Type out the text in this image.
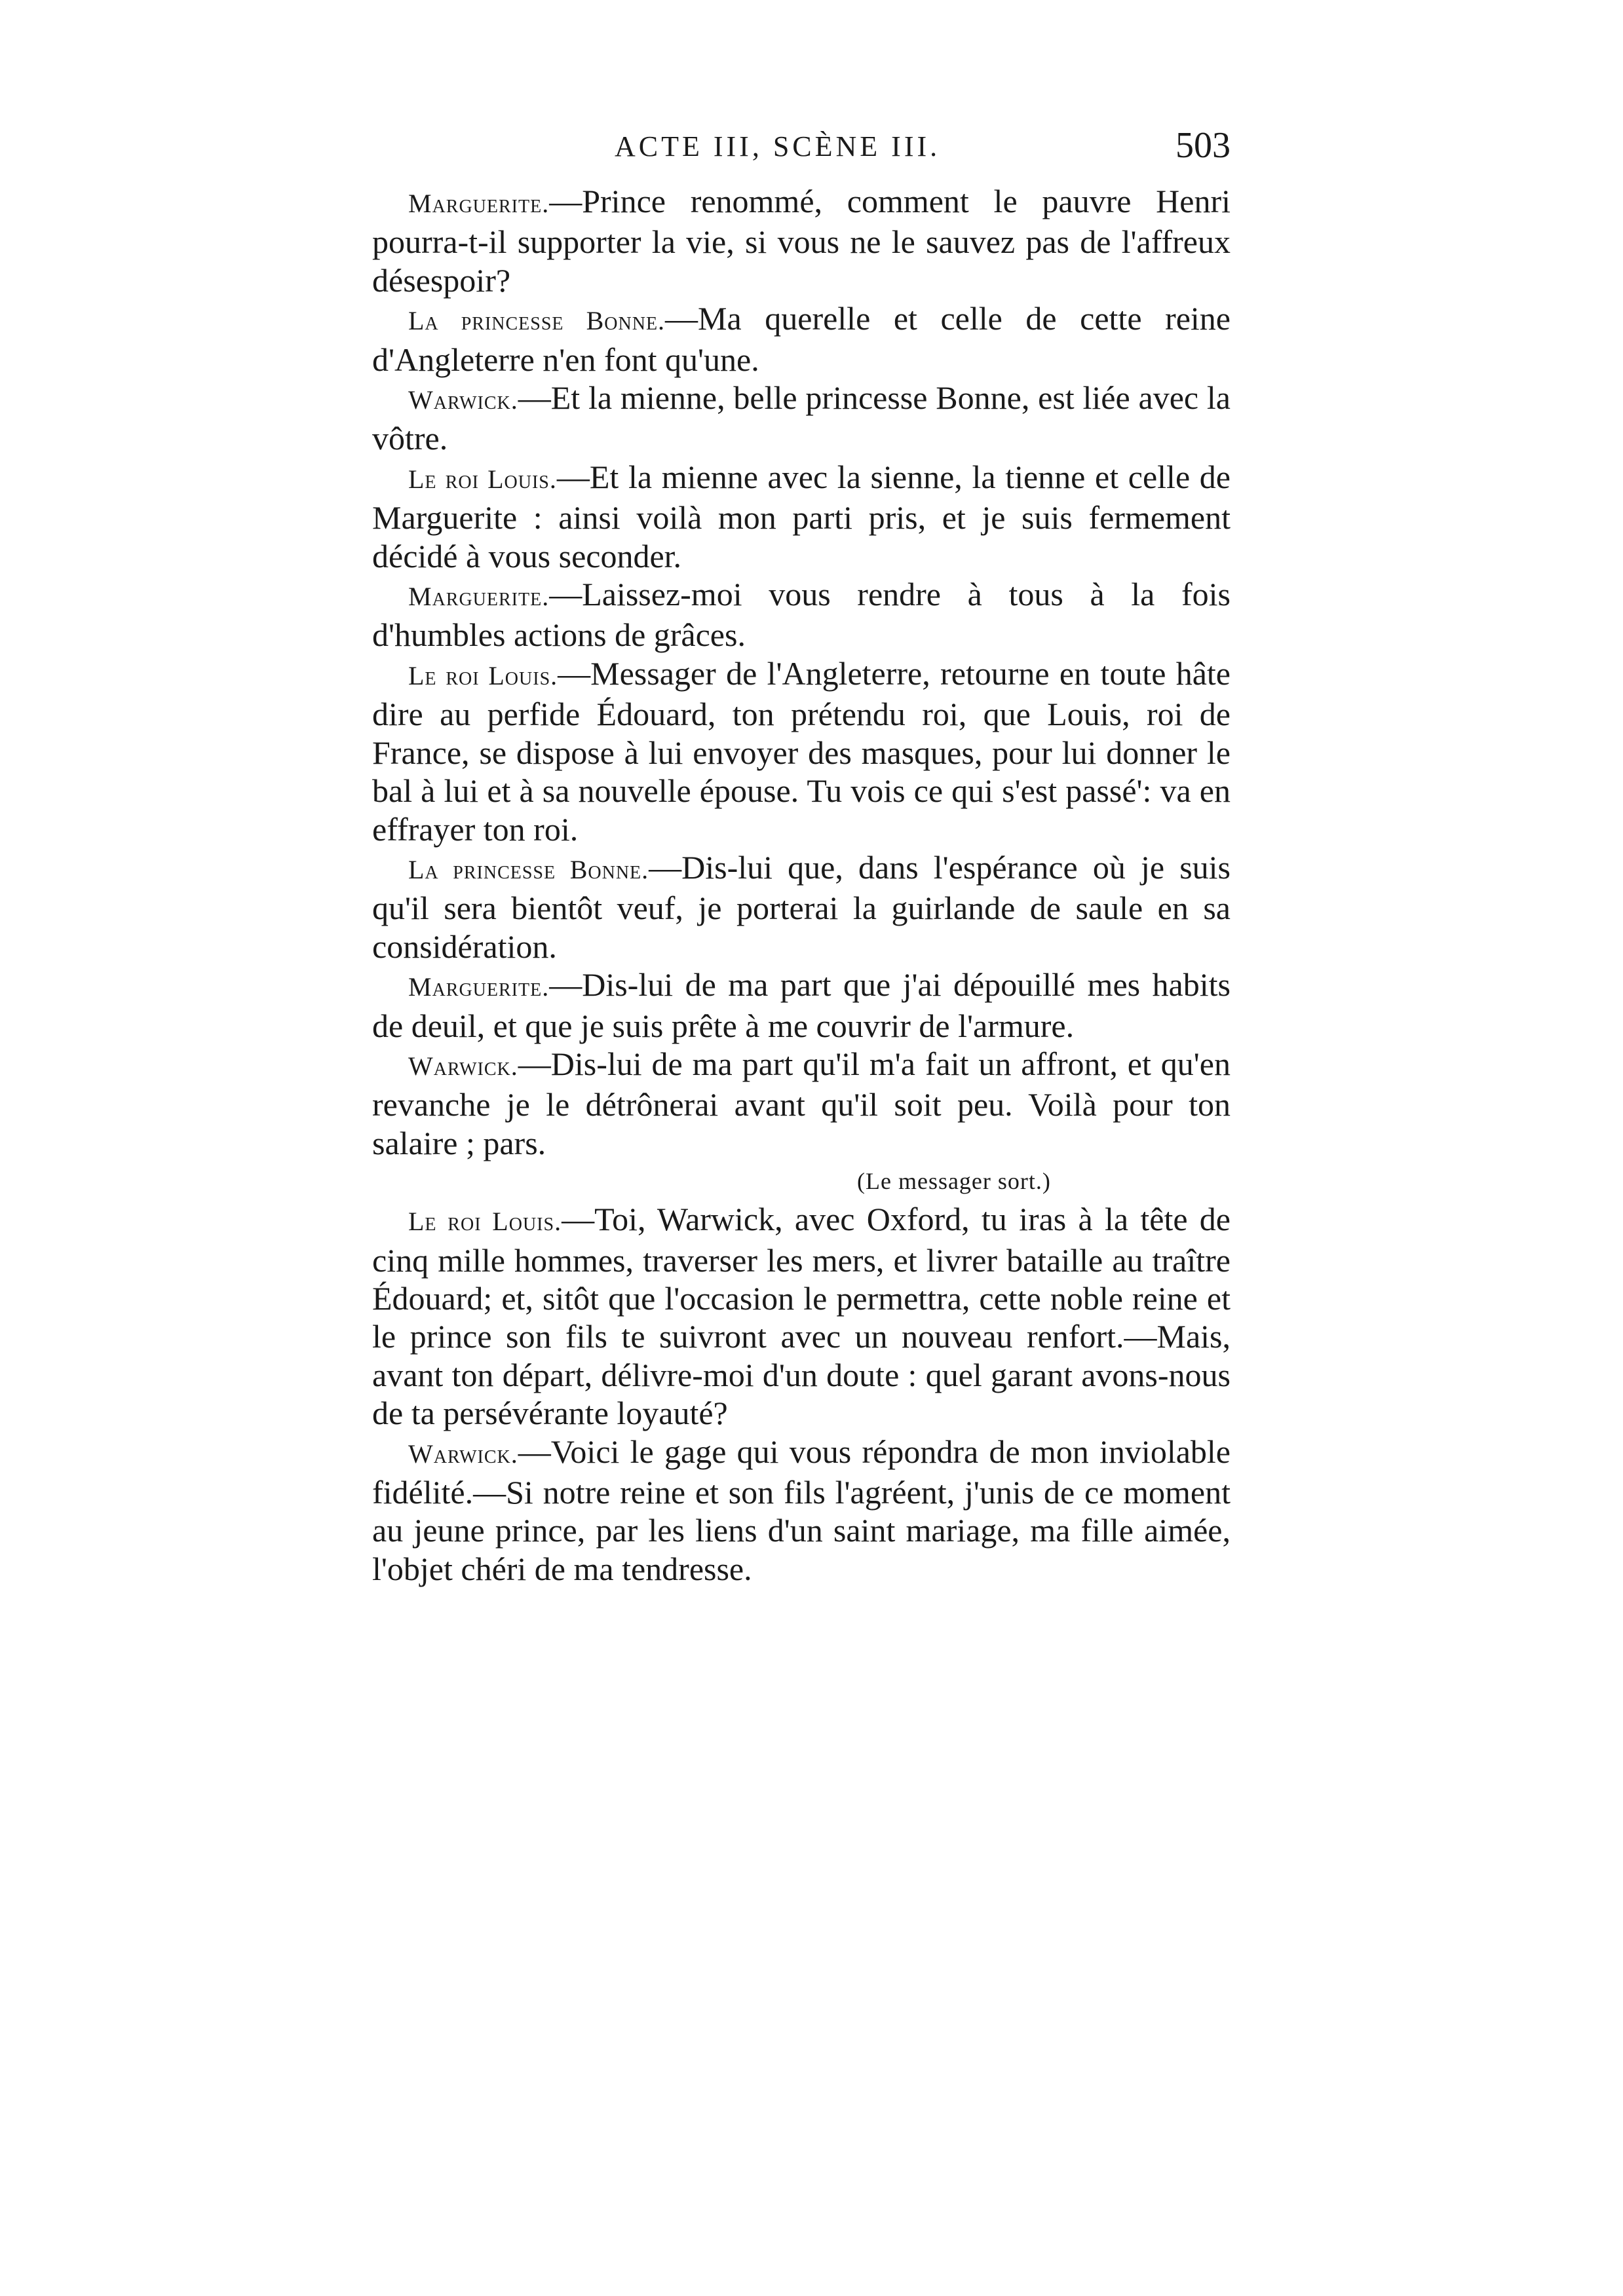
ACTE III, SCÈNE III.	503

Marguerite.—Prince renommé, comment le pauvre Henri pourra-t-il supporter la vie, si vous ne le sauvez pas de l'affreux désespoir?

La princesse Bonne.—Ma querelle et celle de cette reine d'Angleterre n'en font qu'une.

Warwick.—Et la mienne, belle princesse Bonne, est liée avec la vôtre.

Le roi Louis.—Et la mienne avec la sienne, la tienne et celle de Marguerite : ainsi voilà mon parti pris, et je suis fermement décidé à vous seconder.

Marguerite.—Laissez-moi vous rendre à tous à la fois d'humbles actions de grâces.

Le roi Louis.—Messager de l'Angleterre, retourne en toute hâte dire au perfide Édouard, ton prétendu roi, que Louis, roi de France, se dispose à lui envoyer des masques, pour lui donner le bal à lui et à sa nouvelle épouse. Tu vois ce qui s'est passé': va en effrayer ton roi.

La princesse Bonne.—Dis-lui que, dans l'espérance où je suis qu'il sera bientôt veuf, je porterai la guirlande de saule en sa considération.

Marguerite.—Dis-lui de ma part que j'ai dépouillé mes habits de deuil, et que je suis prête à me couvrir de l'armure.

Warwick.—Dis-lui de ma part qu'il m'a fait un affront, et qu'en revanche je le détrônerai avant qu'il soit peu. Voilà pour ton salaire ; pars.

(Le messager sort.)

Le roi Louis.—Toi, Warwick, avec Oxford, tu iras à la tête de cinq mille hommes, traverser les mers, et livrer bataille au traître Édouard; et, sitôt que l'occasion le permettra, cette noble reine et le prince son fils te suivront avec un nouveau renfort.—Mais, avant ton départ, délivre-moi d'un doute : quel garant avons-nous de ta persévérante loyauté?

Warwick.—Voici le gage qui vous répondra de mon inviolable fidélité.—Si notre reine et son fils l'agréent, j'unis de ce moment au jeune prince, par les liens d'un saint mariage, ma fille aimée, l'objet chéri de ma tendresse.
